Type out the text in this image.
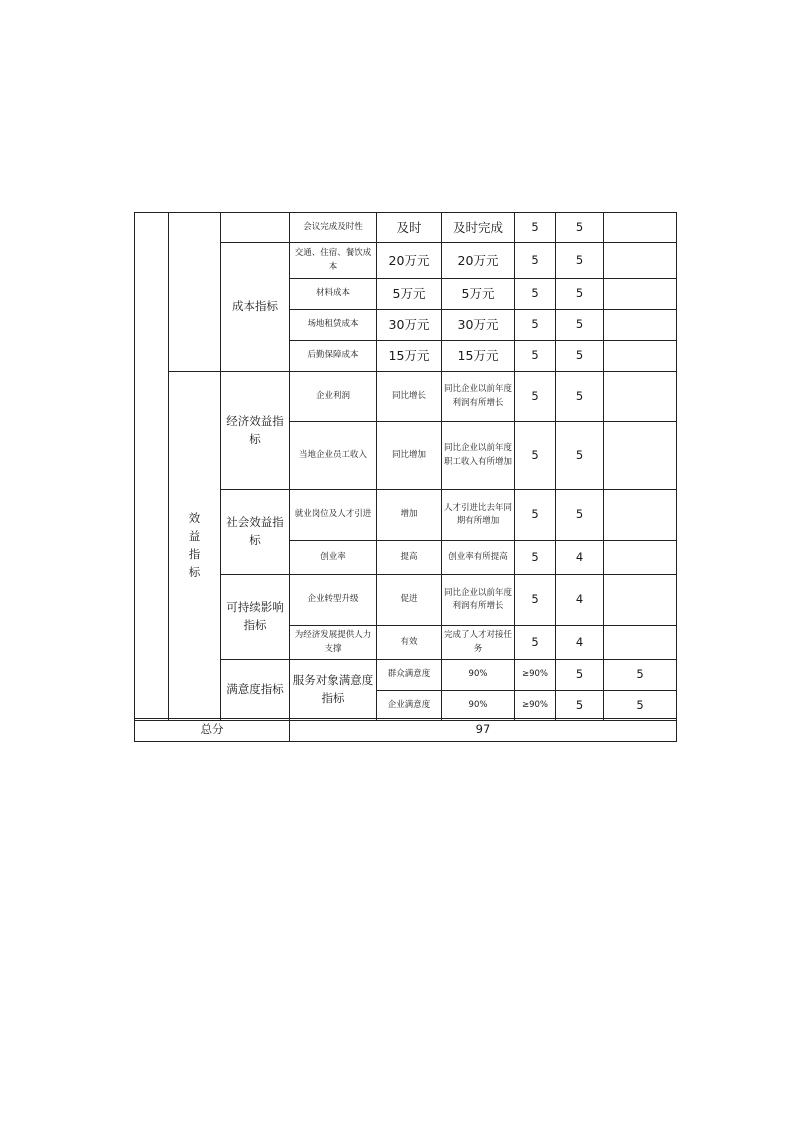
			会议完成及时性	及时	及时完成	5	5		
		成本指标	交通、住宿、餐饮成本	20万元	20万元	5	5		
			材料成本	5万元	5万元	5	5		
			场地租赁成本	30万元	30万元	5	5		
			后勤保障成本	15万元	15万元	5	5		

	效益指标	经济效益指标	企业利润	同比增长	同比企业以前年度利润有所增长	5	5		
			当地企业员工收入	同比增加	同比企业以前年度职工收入有所增加	5	5		
		社会效益指标	就业岗位及人才引进	增加	人才引进比去年同期有所增加	5	5		
			创业率	提高	创业率有所提高	5	4		
		可持续影响指标	企业转型升级	促进	同比企业以前年度利润有所增长	5	4		
			为经济发展提供人力支撑	有效	完成了人才对接任务	5	4		
		满意度指标	服务对象满意度指标	群众满意度	90%	≥90%	5	5	
				企业满意度	90%	≥90%	5	5	
总分	97
